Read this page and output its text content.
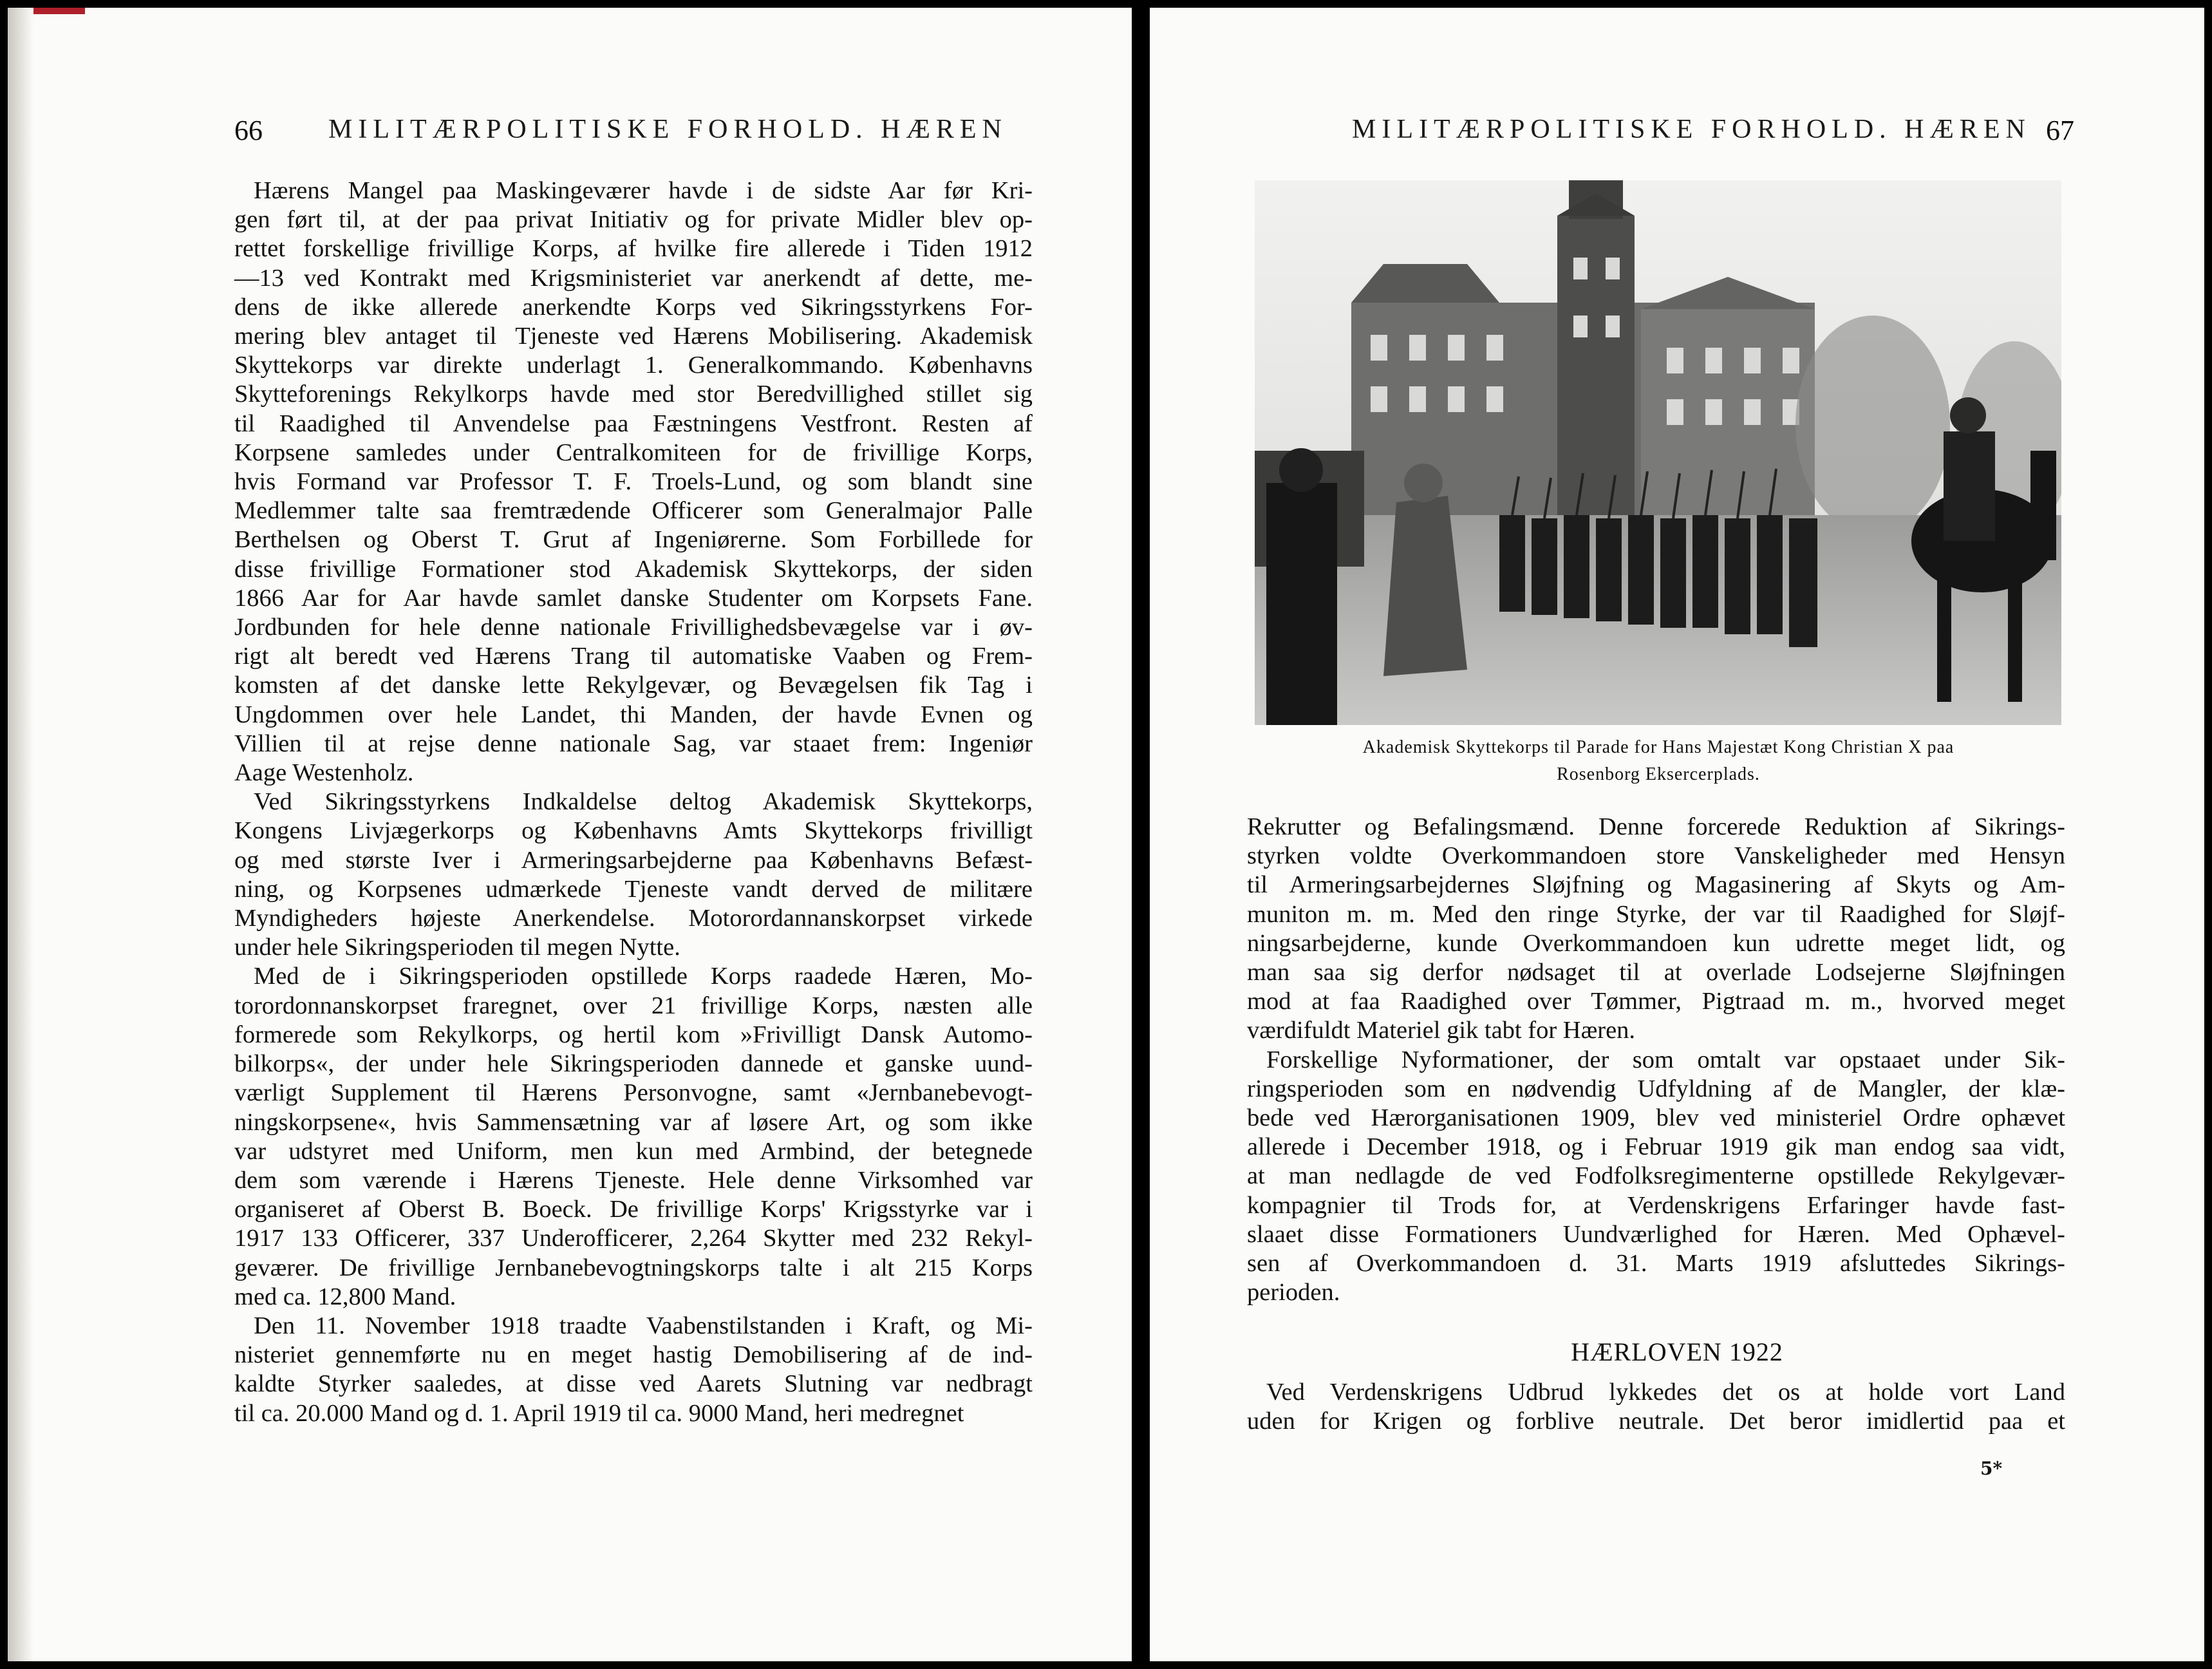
66 MILITÆRPOLITISKE FORHOLD. HÆREN
Hærens Mangel paa Maskingeværer havde i de sidste Aar før Kri-
gen ført til, at der paa privat Initiativ og for private Midler blev op-
rettet forskellige frivillige Korps, af hvilke fire allerede i Tiden 1912
—13 ved Kontrakt med Krigsministeriet var anerkendt af dette, me-
dens de ikke allerede anerkendte Korps ved Sikringsstyrkens For-
mering blev antaget til Tjeneste ved Hærens Mobilisering. Akademisk
Skyttekorps var direkte underlagt 1. Generalkommando. Københavns
Skytteforenings Rekylkorps havde med stor Beredvillighed stillet sig
til Raadighed til Anvendelse paa Fæstningens Vestfront. Resten af
Korpsene samledes under Centralkomiteen for de frivillige Korps,
hvis Formand var Professor T. F. Troels-Lund, og som blandt sine
Medlemmer talte saa fremtrædende Officerer som Generalmajor Palle
Berthelsen og Oberst T. Grut af Ingeniørerne. Som Forbillede for
disse frivillige Formationer stod Akademisk Skyttekorps, der siden
1866 Aar for Aar havde samlet danske Studenter om Korpsets Fane.
Jordbunden for hele denne nationale Frivillighedsbevægelse var i øv-
rigt alt beredt ved Hærens Trang til automatiske Vaaben og Frem-
komsten af det danske lette Rekylgevær, og Bevægelsen fik Tag i
Ungdommen over hele Landet, thi Manden, der havde Evnen og
Villien til at rejse denne nationale Sag, var staaet frem: Ingeniør
Aage Westenholz.
Ved Sikringsstyrkens Indkaldelse deltog Akademisk Skyttekorps,
Kongens Livjægerkorps og Københavns Amts Skyttekorps frivilligt
og med største Iver i Armeringsarbejderne paa Københavns Befæst-
ning, og Korpsenes udmærkede Tjeneste vandt derved de militære
Myndigheders højeste Anerkendelse. Motorordannanskorpset virkede
under hele Sikringsperioden til megen Nytte.
Med de i Sikringsperioden opstillede Korps raadede Hæren, Mo-
torordonnanskorpset fraregnet, over 21 frivillige Korps, næsten alle
formerede som Rekylkorps, og hertil kom »Frivilligt Dansk Automo-
bilkorps«, der under hele Sikringsperioden dannede et ganske uund-
værligt Supplement til Hærens Personvogne, samt «Jernbanebevogt-
ningskorpsene«, hvis Sammensætning var af løsere Art, og som ikke
var udstyret med Uniform, men kun med Armbind, der betegnede
dem som værende i Hærens Tjeneste. Hele denne Virksomhed var
organiseret af Oberst B. Boeck. De frivillige Korps' Krigsstyrke var i
1917 133 Officerer, 337 Underofficerer, 2,264 Skytter med 232 Rekyl-
geværer. De frivillige Jernbanebevogtningskorps talte i alt 215 Korps
med ca. 12,800 Mand.
Den 11. November 1918 traadte Vaabenstilstanden i Kraft, og Mi-
nisteriet gennemførte nu en meget hastig Demobilisering af de ind-
kaldte Styrker saaledes, at disse ved Aarets Slutning var nedbragt
til ca. 20.000 Mand og d. 1. April 1919 til ca. 9000 Mand, heri medregnet
MILITÆRPOLITISKE FORHOLD. HÆREN 67
Akademisk Skyttekorps til Parade for Hans Majestæt Kong Christian X paa
Rosenborg Eksercerplads.
Rekrutter og Befalingsmænd. Denne forcerede Reduktion af Sikrings-
styrken voldte Overkommandoen store Vanskeligheder med Hensyn
til Armeringsarbejdernes Sløjfning og Magasinering af Skyts og Am-
muniton m. m. Med den ringe Styrke, der var til Raadighed for Sløjf-
ningsarbejderne, kunde Overkommandoen kun udrette meget lidt, og
man saa sig derfor nødsaget til at overlade Lodsejerne Sløjfningen
mod at faa Raadighed over Tømmer, Pigtraad m. m., hvorved meget
værdifuldt Materiel gik tabt for Hæren.
Forskellige Nyformationer, der som omtalt var opstaaet under Sik-
ringsperioden som en nødvendig Udfyldning af de Mangler, der klæ-
bede ved Hærorganisationen 1909, blev ved ministeriel Ordre ophævet
allerede i December 1918, og i Februar 1919 gik man endog saa vidt,
at man nedlagde de ved Fodfolksregimenterne opstillede Rekylgevær-
kompagnier til Trods for, at Verdenskrigens Erfaringer havde fast-
slaaet disse Formationers Uundværlighed for Hæren. Med Ophævel-
sen af Overkommandoen d. 31. Marts 1919 afsluttedes Sikrings-
perioden.
HÆRLOVEN 1922
Ved Verdenskrigens Udbrud lykkedes det os at holde vort Land
uden for Krigen og forblive neutrale. Det beror imidlertid paa et
5*
